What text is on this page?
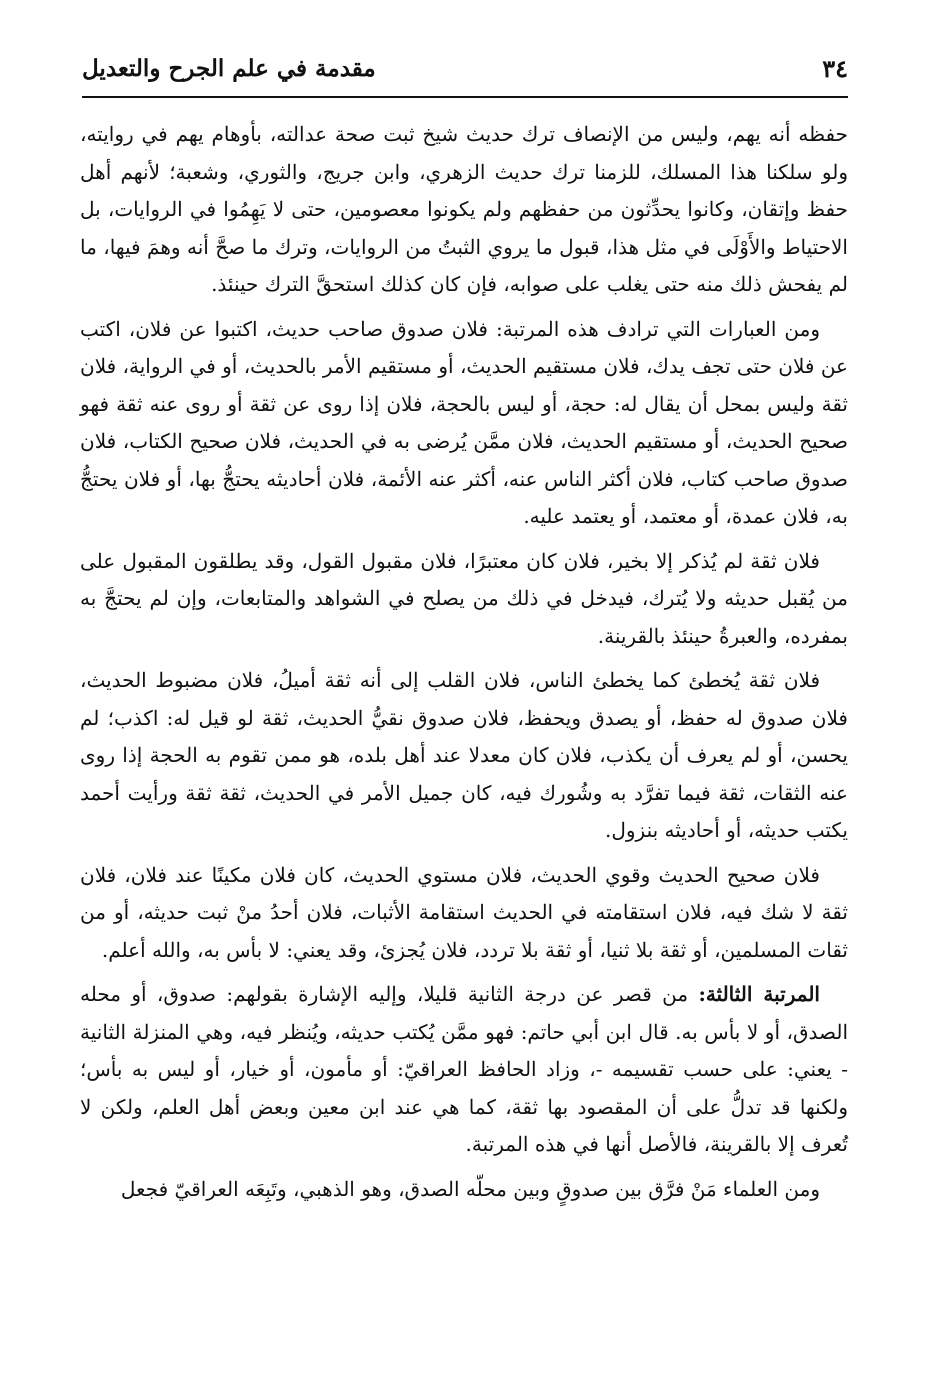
٣٤
مقدمة في علم الجرح والتعديل

حفظه أنه يهم، وليس من الإنصاف ترك حديث شيخ ثبت صحة عدالته، بأوهام يهم في روايته، ولو سلكنا هذا المسلك، للزمنا ترك حديث الزهري، وابن جريج، والثوري، وشعبة؛ لأنهم أهل حفظ وإتقان، وكانوا يحدِّثون من حفظهم ولم يكونوا معصومين، حتى لا يَهِمُوا في الروايات، بل الاحتياط والأَوْلَى في مثل هذا، قبول ما يروي الثبتُ من الروايات، وترك ما صحَّ أنه وهمَ فيها، ما لم يفحش ذلك منه حتى يغلب على صوابه، فإن كان كذلك استحقَّ الترك حينئذ.

ومن العبارات التي ترادف هذه المرتبة: فلان صدوق صاحب حديث، اكتبوا عن فلان، اكتب عن فلان حتى تجف يدك، فلان مستقيم الحديث، أو مستقيم الأمر بالحديث، أو في الرواية، فلان ثقة وليس بمحل أن يقال له: حجة، أو ليس بالحجة، فلان إذا روى عن ثقة أو روى عنه ثقة فهو صحيح الحديث، أو مستقيم الحديث، فلان ممَّن يُرضى به في الحديث، فلان صحيح الكتاب، فلان صدوق صاحب كتاب، فلان أكثر الناس عنه، أكثر عنه الأئمة، فلان أحاديثه يحتجُّ بها، أو فلان يحتجُّ به، فلان عمدة، أو معتمد، أو يعتمد عليه.

فلان ثقة لم يُذكر إلا بخير، فلان كان معتبرًا، فلان مقبول القول، وقد يطلقون المقبول على من يُقبل حديثه ولا يُترك، فيدخل في ذلك من يصلح في الشواهد والمتابعات، وإن لم يحتجَّ به بمفرده، والعبرةُ حينئذ بالقرينة.

فلان ثقة يُخطئ كما يخطئ الناس، فلان القلب إلى أنه ثقة أميلُ، فلان مضبوط الحديث، فلان صدوق له حفظ، أو يصدق ويحفظ، فلان صدوق نقيُّ الحديث، ثقة لو قيل له: اكذب؛ لم يحسن، أو لم يعرف أن يكذب، فلان كان معدلا عند أهل بلده، هو ممن تقوم به الحجة إذا روى عنه الثقات، ثقة فيما تفرَّد به وشُورك فيه، كان جميل الأمر في الحديث، ثقة ثقة ورأيت أحمد يكتب حديثه، أو أحاديثه بنزول.

فلان صحيح الحديث وقوي الحديث، فلان مستوي الحديث، كان فلان مكينًا عند فلان، فلان ثقة لا شك فيه، فلان استقامته في الحديث استقامة الأثبات، فلان أحدُ منْ ثبت حديثه، أو من ثقات المسلمين، أو ثقة بلا ثنيا، أو ثقة بلا تردد، فلان يُجزئ، وقد يعني: لا بأس به، والله أعلم.

المرتبة الثالثة: من قصر عن درجة الثانية قليلا، وإليه الإشارة بقولهم: صدوق، أو محله الصدق، أو لا بأس به. قال ابن أبي حاتم: فهو ممَّن يُكتب حديثه، ويُنظر فيه، وهي المنزلة الثانية - يعني: على حسب تقسيمه -، وزاد الحافظ العراقيّ: أو مأمون، أو خيار، أو ليس به بأس؛ ولكنها قد تدلُّ على أن المقصود بها ثقة، كما هي عند ابن معين وبعض أهل العلم، ولكن لا تُعرف إلا بالقرينة، فالأصل أنها في هذه المرتبة.

ومن العلماء مَنْ فرَّق بين صدوقٍ وبين محلّه الصدق، وهو الذهبي، وتَبِعَه العراقيّ فجعل
